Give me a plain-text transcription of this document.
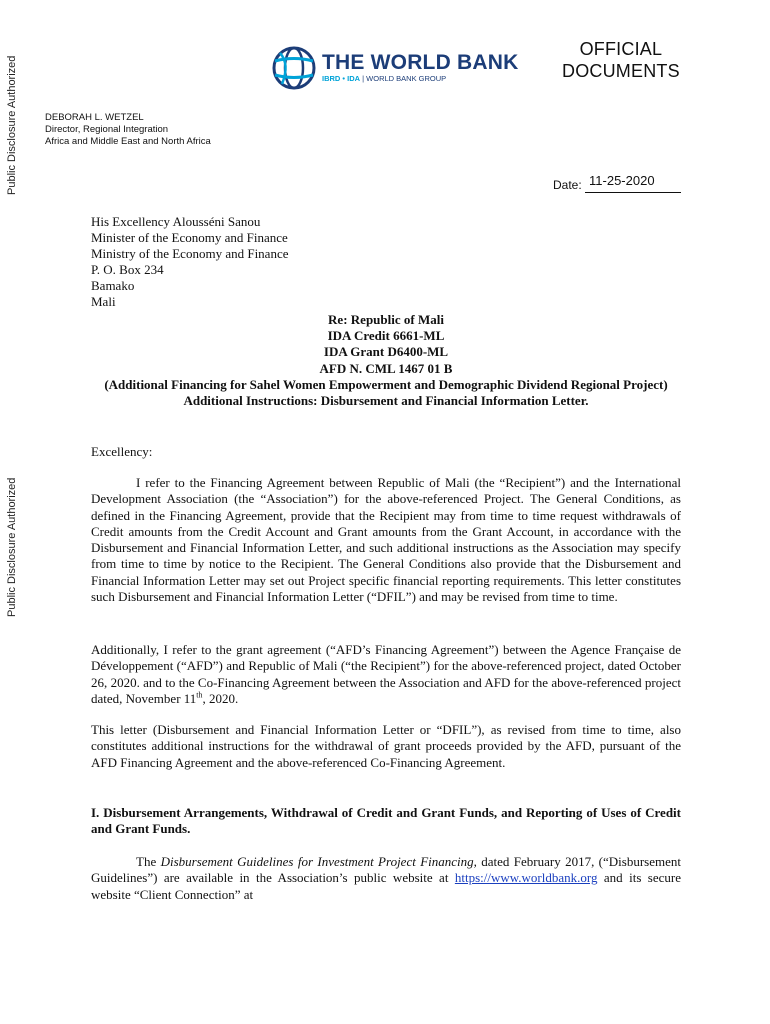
Public Disclosure Authorized
Public Disclosure Authorized
THE WORLD BANK
IBRD • IDA | WORLD BANK GROUP
OFFICIAL
DOCUMENTS
DEBORAH L. WETZEL
Director, Regional Integration
Africa and Middle East and North Africa
Date: 11-25-2020

His Excellency Alousséni Sanou
Minister of the Economy and Finance
Ministry of the Economy and Finance
P. O. Box 234
Bamako
Mali
Re: Republic of Mali
IDA Credit 6661-ML
IDA Grant D6400-ML
AFD N. CML 1467 01 B
(Additional Financing for Sahel Women Empowerment and Demographic Dividend Regional Project)
Additional Instructions: Disbursement and Financial Information Letter.
Excellency:
I refer to the Financing Agreement between Republic of Mali (the “Recipient”) and the International Development Association (the “Association”) for the above-referenced Project. The General Conditions, as defined in the Financing Agreement, provide that the Recipient may from time to time request withdrawals of Credit amounts from the Credit Account and Grant amounts from the Grant Account, in accordance with the Disbursement and Financial Information Letter, and such additional instructions as the Association may specify from time to time by notice to the Recipient. The General Conditions also provide that the Disbursement and Financial Information Letter may set out Project specific financial reporting requirements. This letter constitutes such Disbursement and Financial Information Letter (“DFIL”) and may be revised from time to time.
Additionally, I refer to the grant agreement (“AFD’s Financing Agreement”) between the Agence Française de Développement (“AFD”) and Republic of Mali (“the Recipient”) for the above-referenced project, dated October 26, 2020. and to the Co-Financing Agreement between the Association and AFD for the above-referenced project dated, November 11th, 2020.
This letter (Disbursement and Financial Information Letter or “DFIL”), as revised from time to time, also constitutes additional instructions for the withdrawal of grant proceeds provided by the AFD, pursuant of the AFD Financing Agreement and the above-referenced Co-Financing Agreement.
I. Disbursement Arrangements, Withdrawal of Credit and Grant Funds, and Reporting of Uses of Credit and Grant Funds.
The Disbursement Guidelines for Investment Project Financing, dated February 2017, (“Disbursement Guidelines”) are available in the Association’s public website at https://www.worldbank.org and its secure website “Client Connection” at
